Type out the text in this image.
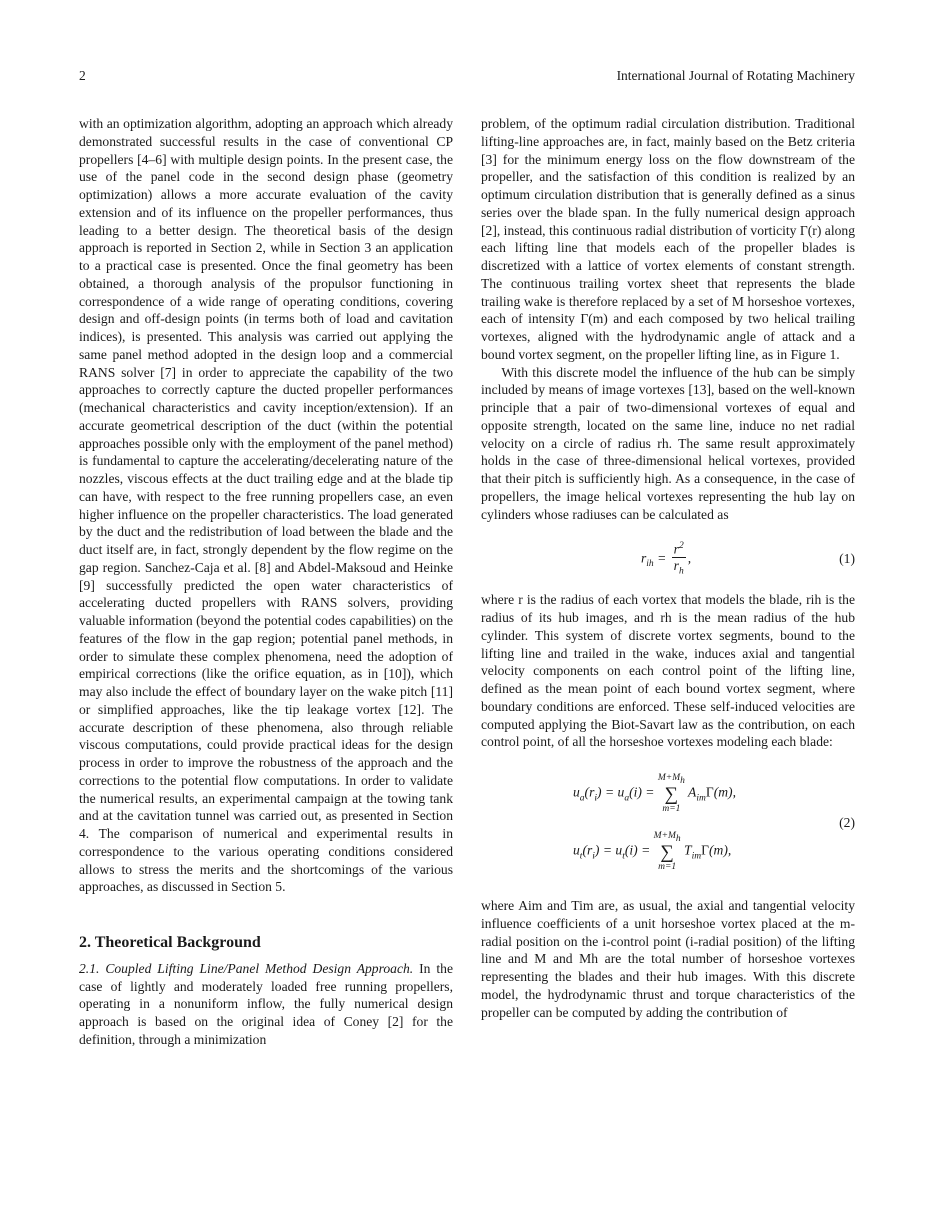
2	International Journal of Rotating Machinery

with an optimization algorithm, adopting an approach which already demonstrated successful results in the case of conventional CP propellers [4–6] with multiple design points. In the present case, the use of the panel code in the second design phase (geometry optimization) allows a more accurate evaluation of the cavity extension and of its influence on the propeller performances, thus leading to a better design. The theoretical basis of the design approach is reported in Section 2, while in Section 3 an application to a practical case is presented. Once the final geometry has been obtained, a thorough analysis of the propulsor functioning in correspondence of a wide range of operating conditions, covering design and off-design points (in terms both of load and cavitation indices), is presented. This analysis was carried out applying the same panel method adopted in the design loop and a commercial RANS solver [7] in order to appreciate the capability of the two approaches to correctly capture the ducted propeller performances (mechanical characteristics and cavity inception/extension). If an accurate geometrical description of the duct (within the potential approaches possible only with the employment of the panel method) is fundamental to capture the accelerating/decelerating nature of the nozzles, viscous effects at the duct trailing edge and at the blade tip can have, with respect to the free running propellers case, an even higher influence on the propeller characteristics. The load generated by the duct and the redistribution of load between the blade and the duct itself are, in fact, strongly dependent by the flow regime on the gap region. Sanchez-Caja et al. [8] and Abdel-Maksoud and Heinke [9] successfully predicted the open water characteristics of accelerating ducted propellers with RANS solvers, providing valuable information (beyond the potential codes capabilities) on the features of the flow in the gap region; potential panel methods, in order to simulate these complex phenomena, need the adoption of empirical corrections (like the orifice equation, as in [10]), which may also include the effect of boundary layer on the wake pitch [11] or simplified approaches, like the tip leakage vortex [12]. The accurate description of these phenomena, also through reliable viscous computations, could provide practical ideas for the design process in order to improve the robustness of the approach and the corrections to the potential flow computations. In order to validate the numerical results, an experimental campaign at the towing tank and at the cavitation tunnel was carried out, as presented in Section 4. The comparison of numerical and experimental results in correspondence to the various operating conditions considered allows to stress the merits and the shortcomings of the various approaches, as discussed in Section 5.

2. Theoretical Background

2.1. Coupled Lifting Line/Panel Method Design Approach. In the case of lightly and moderately loaded free running propellers, operating in a nonuniform inflow, the fully numerical design approach is based on the original idea of Coney [2] for the definition, through a minimization

problem, of the optimum radial circulation distribution. Traditional lifting-line approaches are, in fact, mainly based on the Betz criteria [3] for the minimum energy loss on the flow downstream of the propeller, and the satisfaction of this condition is realized by an optimum circulation distribution that is generally defined as a sinus series over the blade span. In the fully numerical design approach [2], instead, this continuous radial distribution of vorticity Γ(r) along each lifting line that models each of the propeller blades is discretized with a lattice of vortex elements of constant strength. The continuous trailing vortex sheet that represents the blade trailing wake is therefore replaced by a set of M horseshoe vortexes, each of intensity Γ(m) and each composed by two helical trailing vortexes, aligned with the hydrodynamic angle of attack and a bound vortex segment, on the propeller lifting line, as in Figure 1.

With this discrete model the influence of the hub can be simply included by means of image vortexes [13], based on the well-known principle that a pair of two-dimensional vortexes of equal and opposite strength, located on the same line, induce no net radial velocity on a circle of radius rh. The same result approximately holds in the case of three-dimensional helical vortexes, provided that their pitch is sufficiently high. As a consequence, in the case of propellers, the image helical vortexes representing the hub lay on cylinders whose radiuses can be calculated as

$r_{ih} = \frac{r^2}{r_h}$ ,	(1)

where r is the radius of each vortex that models the blade, rih is the radius of its hub images, and rh is the mean radius of the hub cylinder. This system of discrete vortex segments, bound to the lifting line and trailed in the wake, induces axial and tangential velocity components on each control point of the lifting line, defined as the mean point of each bound vortex segment, where boundary conditions are enforced. These self-induced velocities are computed applying the Biot-Savart law as the contribution, on each control point, of all the horseshoe vortexes modeling each blade:

$u_a(r_i) = u_a(i)$ =
$M+M_h$
∑
m=1
$A_{im}\Gamma(m)$,
$u_t(r_i) = u_t(i)$ =
$M+M_h$
∑
m=1
$T_{im}\Gamma(m)$,
(2)

where Aim and Tim are, as usual, the axial and tangential velocity influence coefficients of a unit horseshoe vortex placed at the m-radial position on the i-control point (i-radial position) of the lifting line and M and Mh are the total number of horseshoe vortexes representing the blades and their hub images. With this discrete model, the hydrodynamic thrust and torque characteristics of the propeller can be computed by adding the contribution of
